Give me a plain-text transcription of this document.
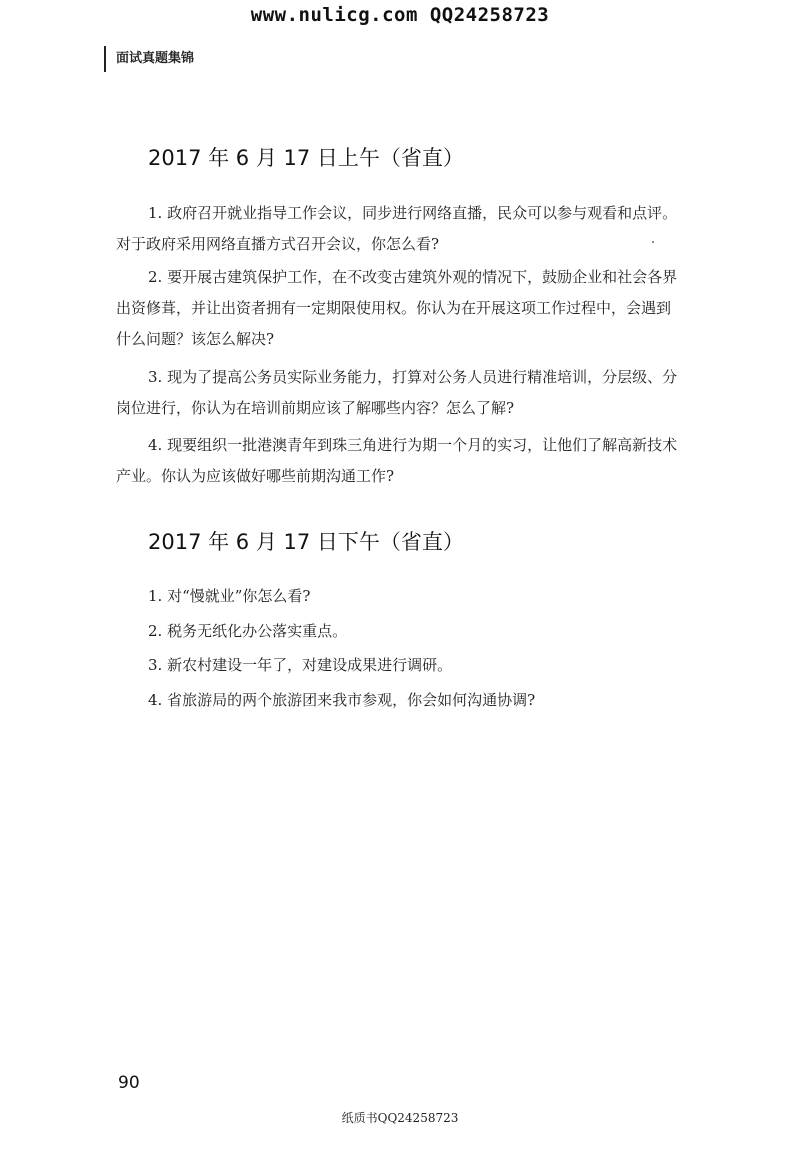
www.nulicg.com QQ24258723
面试真题集锦
2017 年 6 月 17 日上午（省直）
1. 政府召开就业指导工作会议，同步进行网络直播，民众可以参与观看和点评。
对于政府采用网络直播方式召开会议，你怎么看?
2. 要开展古建筑保护工作，在不改变古建筑外观的情况下，鼓励企业和社会各界
出资修葺，并让出资者拥有一定期限使用权。你认为在开展这项工作过程中，会遇到
什么问题？该怎么解决?
3. 现为了提高公务员实际业务能力，打算对公务人员进行精准培训，分层级、分
岗位进行，你认为在培训前期应该了解哪些内容？怎么了解?
4. 现要组织一批港澳青年到珠三角进行为期一个月的实习，让他们了解高新技术
产业。你认为应该做好哪些前期沟通工作?
2017 年 6 月 17 日下午（省直）
1. 对“慢就业”你怎么看?
2. 税务无纸化办公落实重点。
3. 新农村建设一年了，对建设成果进行调研。
4. 省旅游局的两个旅游团来我市参观，你会如何沟通协调?
90
纸质书QQ24258723
